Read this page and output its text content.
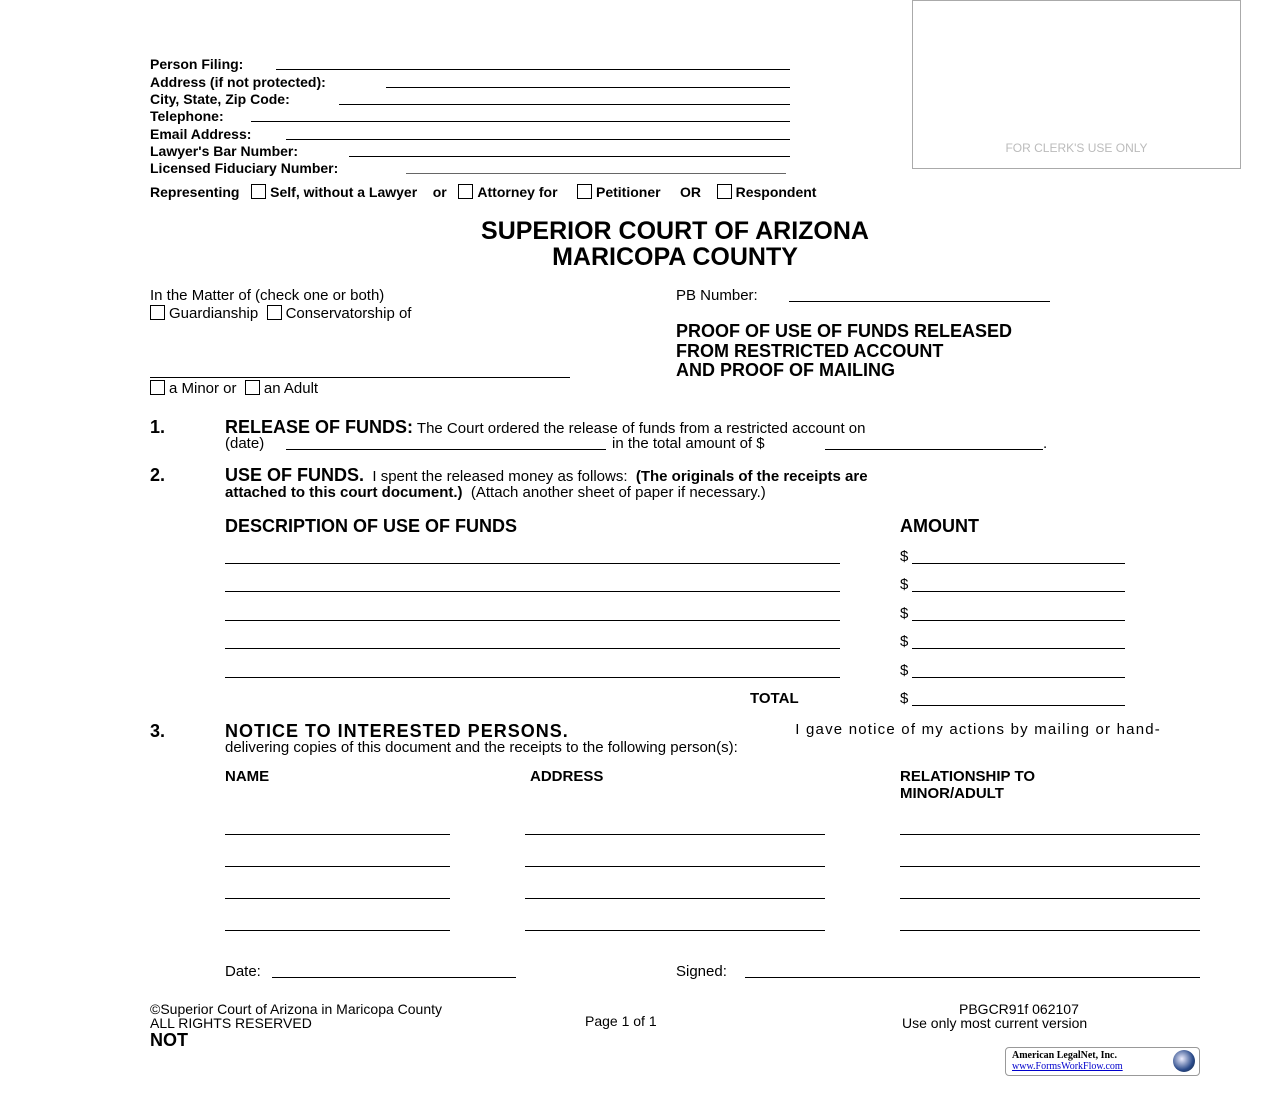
FOR CLERK'S USE ONLY
Person Filing:
Address (if not protected):
City, State, Zip Code:
Telephone:
Email Address:
Lawyer's Bar Number:
Licensed Fiduciary Number:
Representing Self, without a Lawyer or Attorney for	Petitioner OR Respondent
SUPERIOR COURT OF ARIZONA
MARICOPA COUNTY
In the Matter of (check one or both)
Guardianship Conservatorship of
a Minor or an Adult
PB Number:
PROOF OF USE OF FUNDS RELEASED
FROM RESTRICTED ACCOUNT
AND PROOF OF MAILING
1.	RELEASE OF FUNDS: The Court ordered the release of funds from a restricted account on
(date)	in the total amount of $	.
2.	USE OF FUNDS. I spent the released money as follows: (The originals of the receipts are
attached to this court document.) (Attach another sheet of paper if necessary.)
DESCRIPTION OF USE OF FUNDS	AMOUNT
$
$
$
$
$
TOTAL	$
3.	NOTICE TO INTERESTED PERSONS.	I gave notice of my actions by mailing or hand-
delivering copies of this document and the receipts to the following person(s):
NAME	ADDRESS	RELATIONSHIP TO
MINOR/ADULT
Date:	Signed:
©Superior Court of Arizona in Maricopa County
ALL RIGHTS RESERVED
NOT
Page 1 of 1
PBGCR91f 062107
Use only most current version
American LegalNet, Inc.
www.FormsWorkFlow.com
